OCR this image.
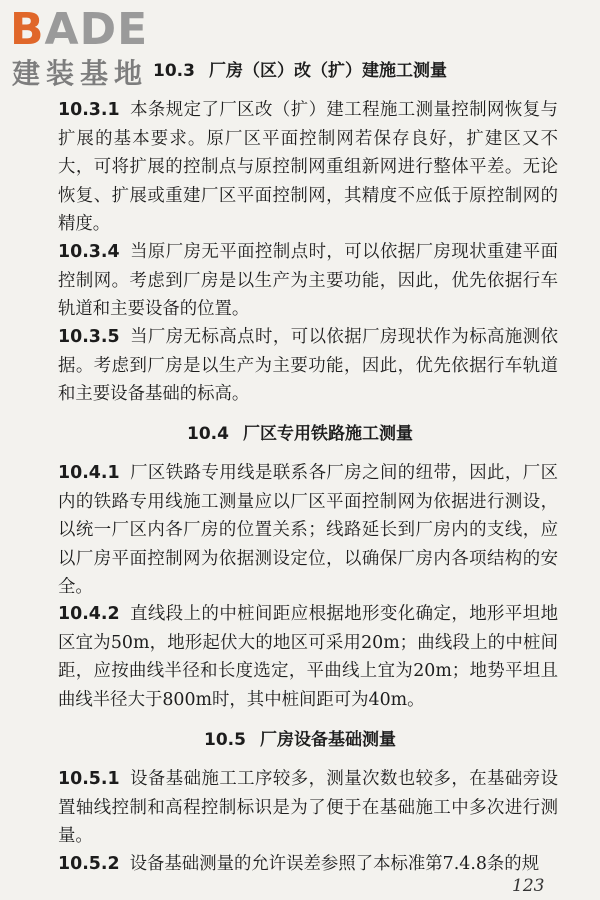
BADE
建装基地 10.3 厂房（区）改（扩）建施工测量
10.3.1 本条规定了厂区改（扩）建工程施工测量控制网恢复与扩展的基本要求。原厂区平面控制网若保存良好，扩建区又不大，可将扩展的控制点与原控制网重组新网进行整体平差。无论恢复、扩展或重建厂区平面控制网，其精度不应低于原控制网的精度。
10.3.4 当原厂房无平面控制点时，可以依据厂房现状重建平面控制网。考虑到厂房是以生产为主要功能，因此，优先依据行车轨道和主要设备的位置。
10.3.5 当厂房无标高点时，可以依据厂房现状作为标高施测依据。考虑到厂房是以生产为主要功能，因此，优先依据行车轨道和主要设备基础的标高。
10.4 厂区专用铁路施工测量
10.4.1 厂区铁路专用线是联系各厂房之间的纽带，因此，厂区内的铁路专用线施工测量应以厂区平面控制网为依据进行测设，以统一厂区内各厂房的位置关系；线路延长到厂房内的支线，应以厂房平面控制网为依据测设定位，以确保厂房内各项结构的安全。
10.4.2 直线段上的中桩间距应根据地形变化确定，地形平坦地区宜为50m，地形起伏大的地区可采用20m；曲线段上的中桩间距，应按曲线半径和长度选定，平曲线上宜为20m；地势平坦且曲线半径大于800m时，其中桩间距可为40m。
10.5 厂房设备基础测量
10.5.1 设备基础施工工序较多，测量次数也较多，在基础旁设置轴线控制和高程控制标识是为了便于在基础施工中多次进行测量。
10.5.2 设备基础测量的允许误差参照了本标准第7.4.8条的规
123
